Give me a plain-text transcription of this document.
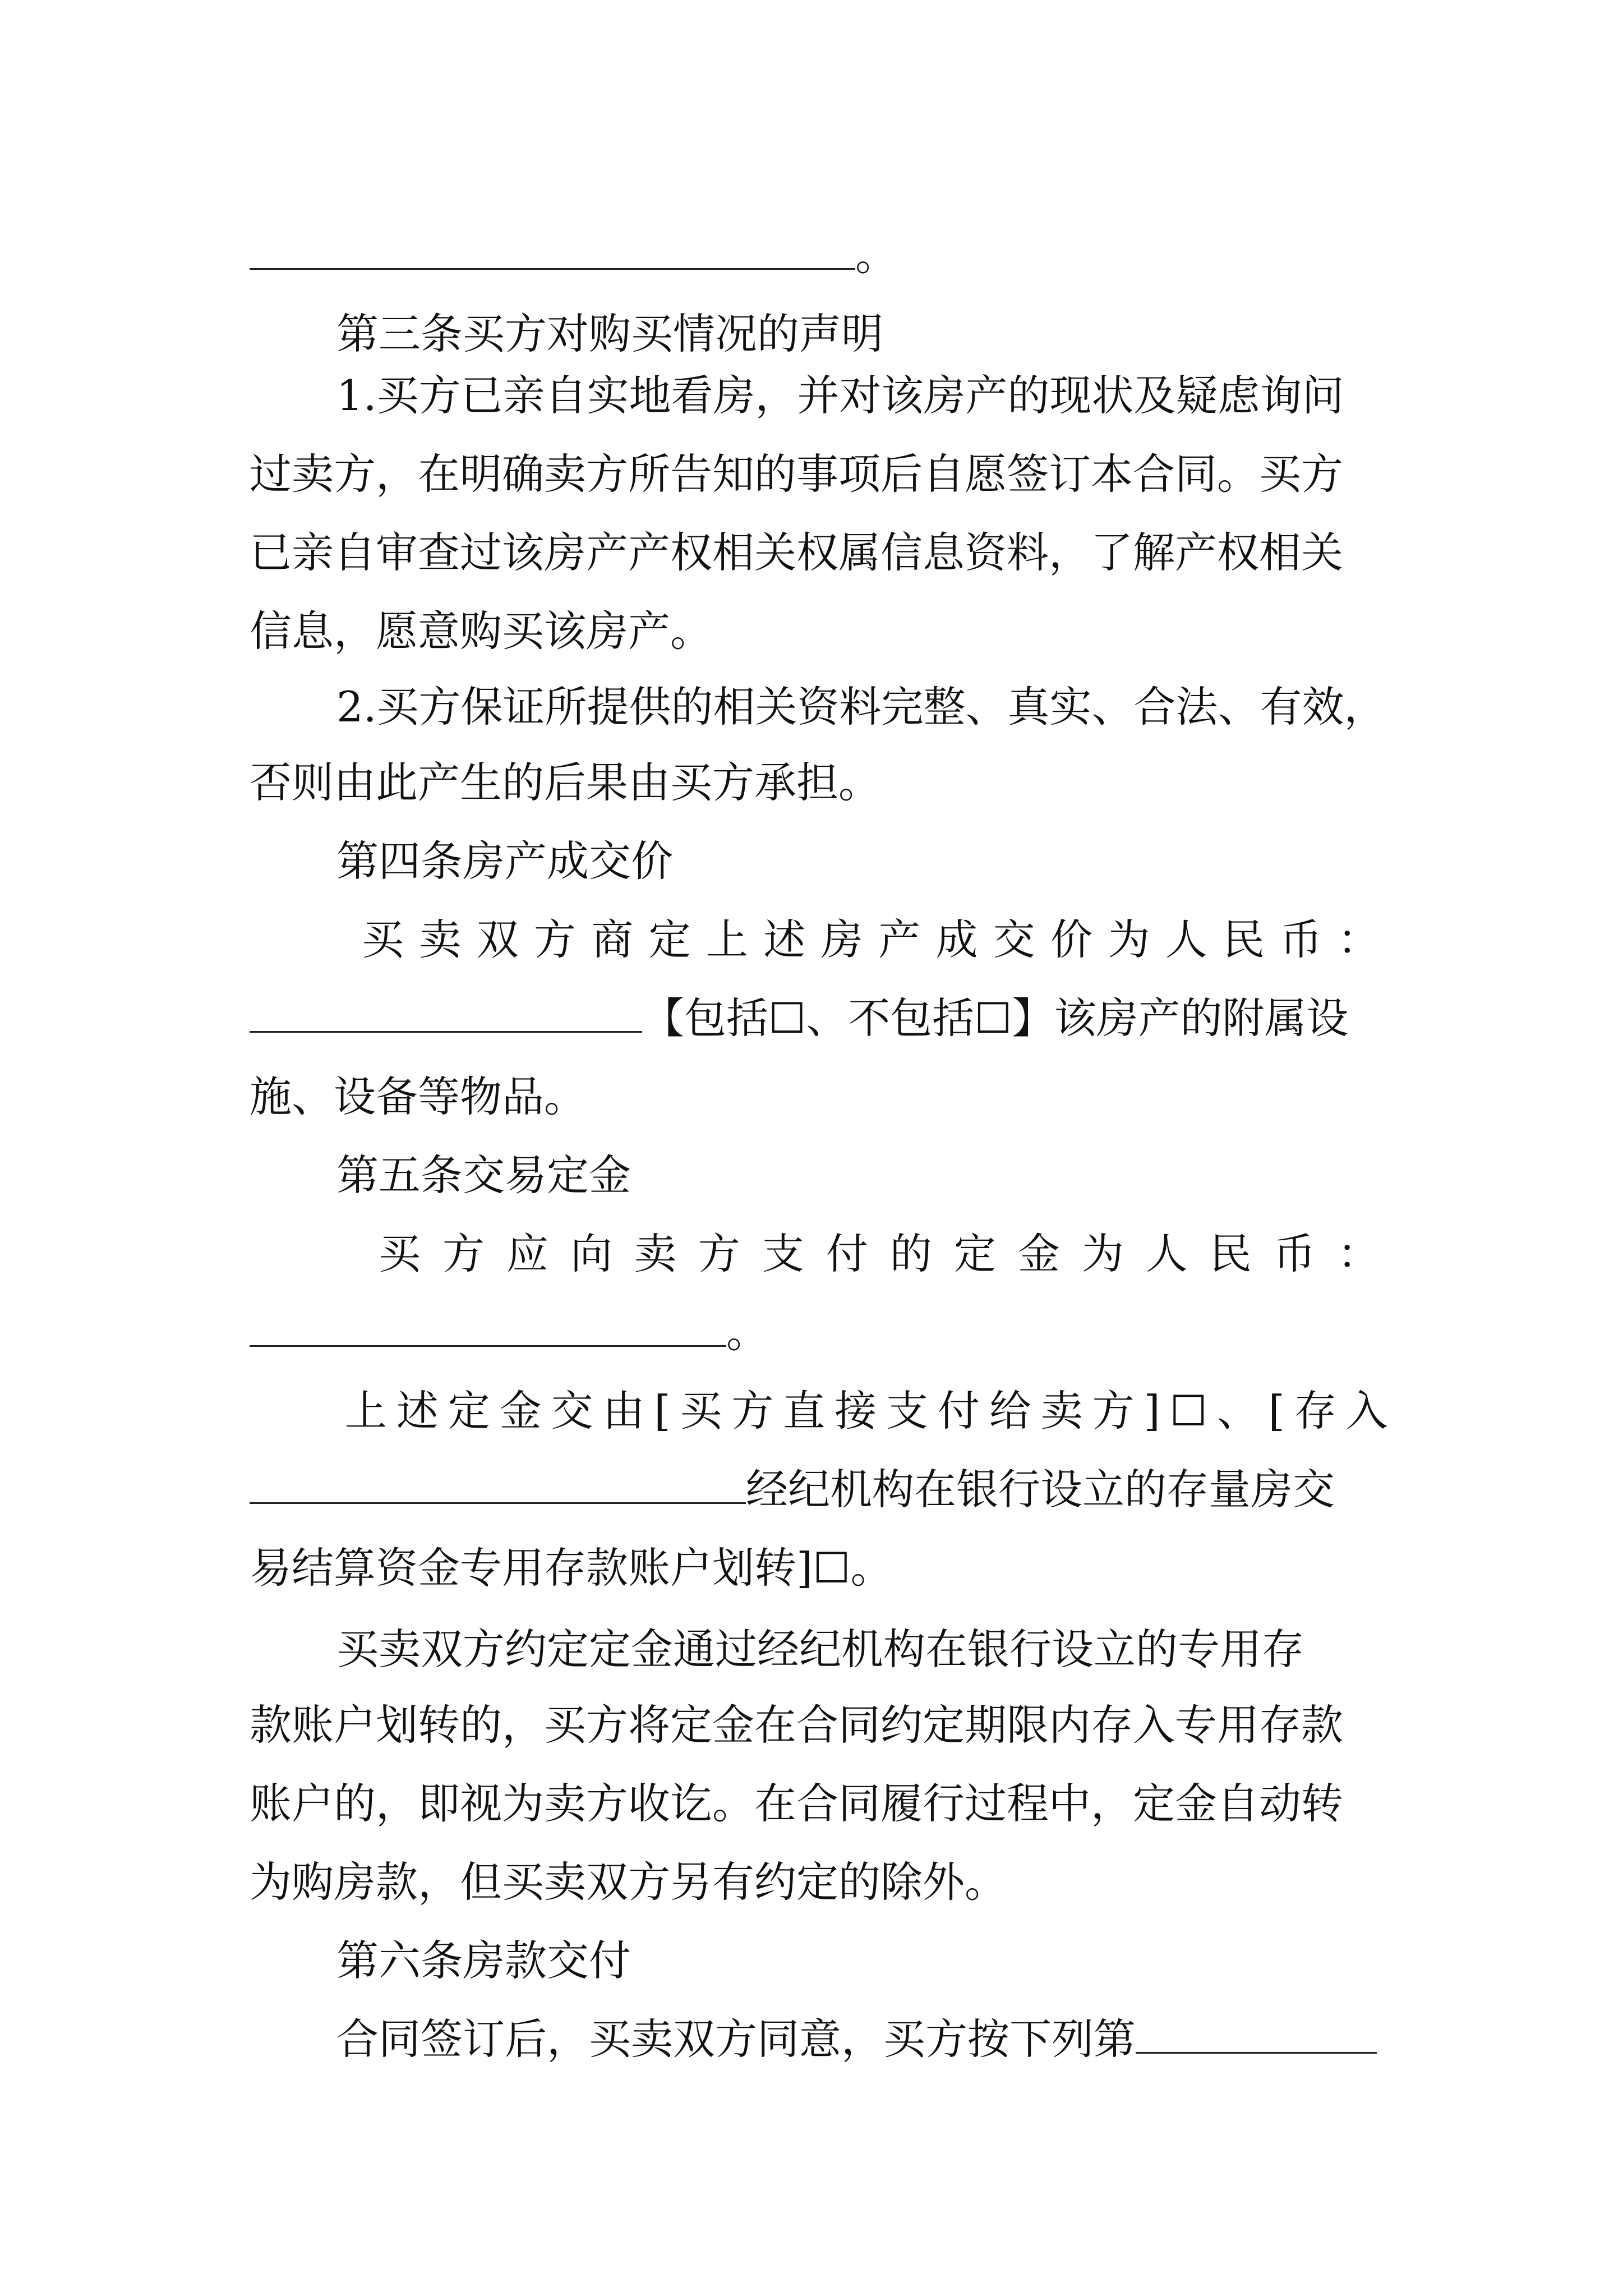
。
第三条买方对购买情况的声明
1.买方已亲自实地看房，并对该房产的现状及疑虑询问
过卖方，在明确卖方所告知的事项后自愿签订本合同。买方
已亲自审查过该房产产权相关权属信息资料，了解产权相关
信息，愿意购买该房产。
2.买方保证所提供的相关资料完整、真实、合法、有效，
否则由此产生的后果由买方承担。
第四条房产成交价
买 卖 双 方 商 定 上 述 房 产 成 交 价 为 人 民 币 ：
【包括☐、不包括☐】该房产的附属设
施、设备等物品。
第五条交易定金
买 方 应 向 卖 方 支 付 的 定 金 为 人 民 币 ：
。
上 述 定 金 交 由 [ 买 方 直 接 支 付 给 卖 方 ] ☐ 、 [ 存 入
经纪机构在银行设立的存量房交
易结算资金专用存款账户划转]☐。
买卖双方约定定金通过经纪机构在银行设立的专用存
款账户划转的，买方将定金在合同约定期限内存入专用存款
账户的，即视为卖方收讫。在合同履行过程中，定金自动转
为购房款，但买卖双方另有约定的除外。
第六条房款交付
合同签订后，买卖双方同意，买方按下列第
